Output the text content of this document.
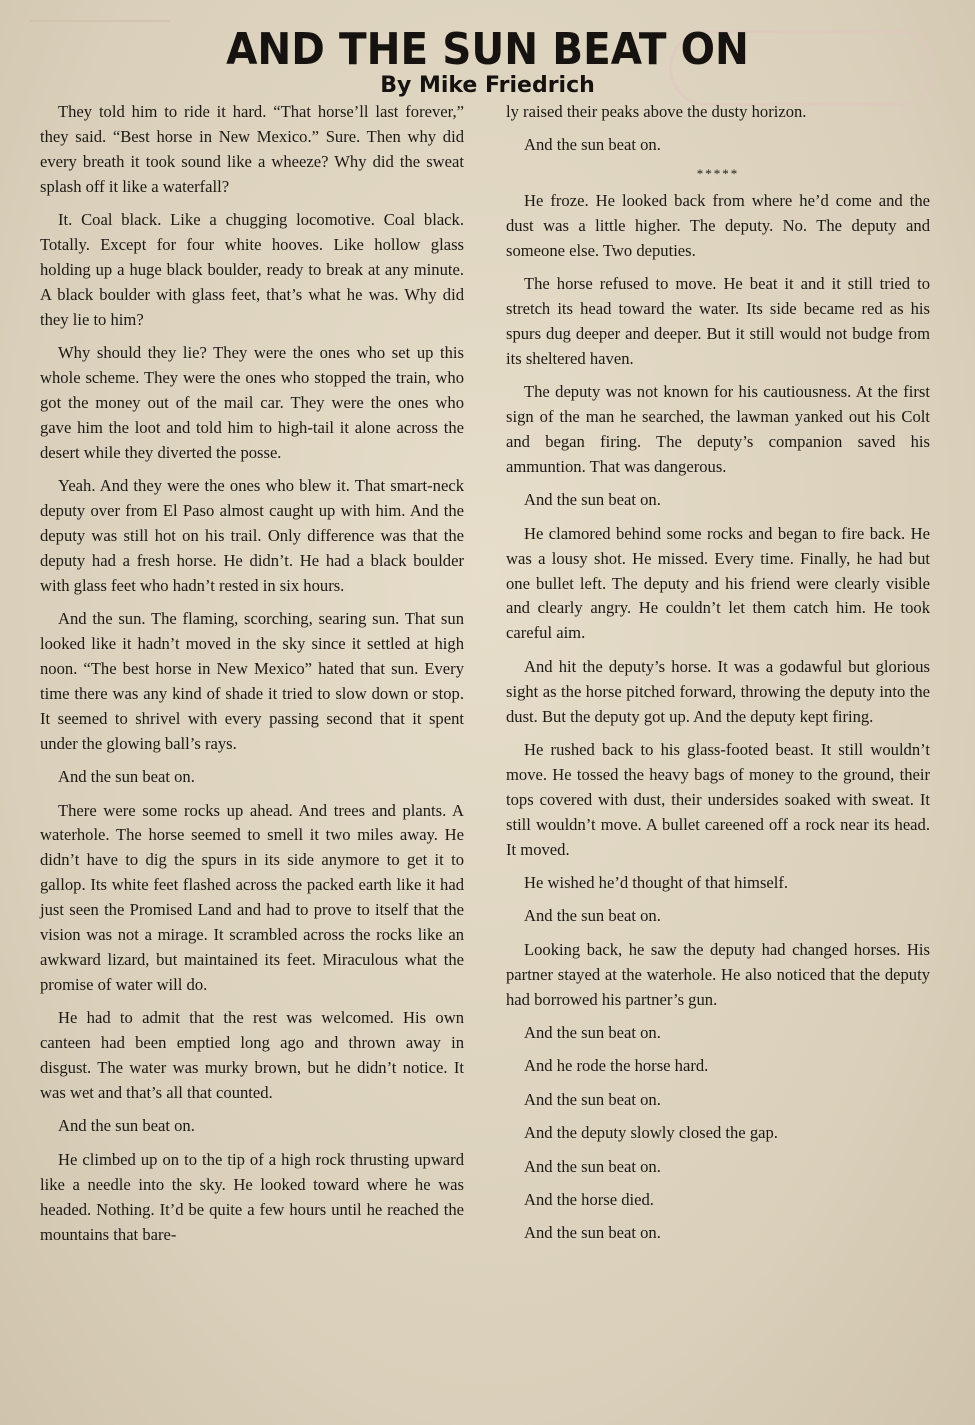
AND THE SUN BEAT ON
By Mike Friedrich

They told him to ride it hard. “That horse’ll last forever,” they said. “Best horse in New Mexico.” Sure. Then why did every breath it took sound like a wheeze? Why did the sweat splash off it like a waterfall?

It. Coal black. Like a chugging locomotive. Coal black. Totally. Except for four white hooves. Like hollow glass holding up a huge black boulder, ready to break at any minute. A black boulder with glass feet, that’s what he was. Why did they lie to him?

Why should they lie? They were the ones who set up this whole scheme. They were the ones who stopped the train, who got the money out of the mail car. They were the ones who gave him the loot and told him to high-tail it alone across the desert while they diverted the posse.

Yeah. And they were the ones who blew it. That smart-neck deputy over from El Paso almost caught up with him. And the deputy was still hot on his trail. Only difference was that the deputy had a fresh horse. He didn’t. He had a black boulder with glass feet who hadn’t rested in six hours.

And the sun. The flaming, scorching, searing sun. That sun looked like it hadn’t moved in the sky since it settled at high noon. “The best horse in New Mexico” hated that sun. Every time there was any kind of shade it tried to slow down or stop. It seemed to shrivel with every passing second that it spent under the glowing ball’s rays.

And the sun beat on.

There were some rocks up ahead. And trees and plants. A waterhole. The horse seemed to smell it two miles away. He didn’t have to dig the spurs in its side anymore to get it to gallop. Its white feet flashed across the packed earth like it had just seen the Promised Land and had to prove to itself that the vision was not a mirage. It scrambled across the rocks like an awkward lizard, but maintained its feet. Miraculous what the promise of water will do.

He had to admit that the rest was welcomed. His own canteen had been emptied long ago and thrown away in disgust. The water was murky brown, but he didn’t notice. It was wet and that’s all that counted.

And the sun beat on.

He climbed up on to the tip of a high rock thrusting upward like a needle into the sky. He looked toward where he was headed. Nothing. It’d be quite a few hours until he reached the mountains that bare-

ly raised their peaks above the dusty horizon.

And the sun beat on.

*****

He froze. He looked back from where he’d come and the dust was a little higher. The deputy. No. The deputy and someone else. Two deputies.

The horse refused to move. He beat it and it still tried to stretch its head toward the water. Its side became red as his spurs dug deeper and deeper. But it still would not budge from its sheltered haven.

The deputy was not known for his cautiousness. At the first sign of the man he searched, the lawman yanked out his Colt and began firing. The deputy’s companion saved his ammuntion. That was dangerous.

And the sun beat on.

He clamored behind some rocks and began to fire back. He was a lousy shot. He missed. Every time. Finally, he had but one bullet left. The deputy and his friend were clearly visible and clearly angry. He couldn’t let them catch him. He took careful aim.

And hit the deputy’s horse. It was a godawful but glorious sight as the horse pitched forward, throwing the deputy into the dust. But the deputy got up. And the deputy kept firing.

He rushed back to his glass-footed beast. It still wouldn’t move. He tossed the heavy bags of money to the ground, their tops covered with dust, their undersides soaked with sweat. It still wouldn’t move. A bullet careened off a rock near its head. It moved.

He wished he’d thought of that himself.

And the sun beat on.

Looking back, he saw the deputy had changed horses. His partner stayed at the waterhole. He also noticed that the deputy had borrowed his partner’s gun.

And the sun beat on.

And he rode the horse hard.

And the sun beat on.

And the deputy slowly closed the gap.

And the sun beat on.

And the horse died.

And the sun beat on.
